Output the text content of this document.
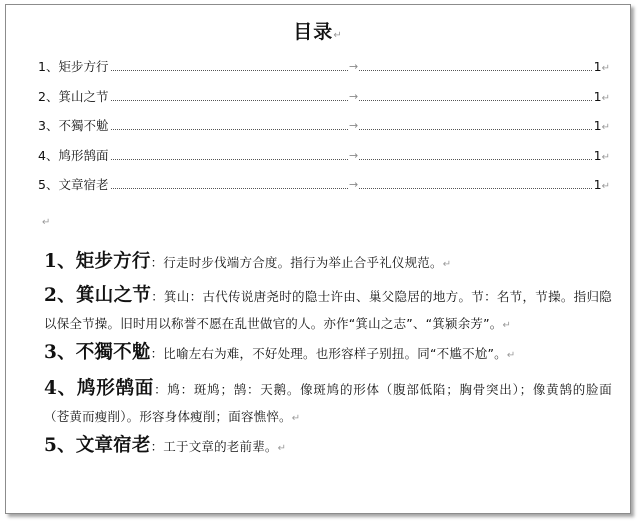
目录↵
1、矩步方行	→	1↵
2、箕山之节	→	1↵
3、不獨不魀	→	1↵
4、鸠形鹄面	→	1↵
5、文章宿老	→	1↵
↵

1、矩步方行：行走时步伐端方合度。指行为举止合乎礼仪规范。↵

2、箕山之节：箕山：古代传说唐尧时的隐士许由、巢父隐居的地方。节：名节，节操。指归隐以保全节操。旧时用以称誉不愿在乱世做官的人。亦作“箕山之志”、“箕颍余芳”。↵

3、不獨不魀：比喻左右为难，不好处理。也形容样子别扭。同“不尴不尬”。↵

4、鸠形鹄面：鸠：斑鸠；鹄：天鹅。像斑鸠的形体（腹部低陷；胸骨突出）；像黄鹄的脸面（苍黄而瘦削）。形容身体瘦削；面容憔悴。↵

5、文章宿老：工于文章的老前辈。↵
